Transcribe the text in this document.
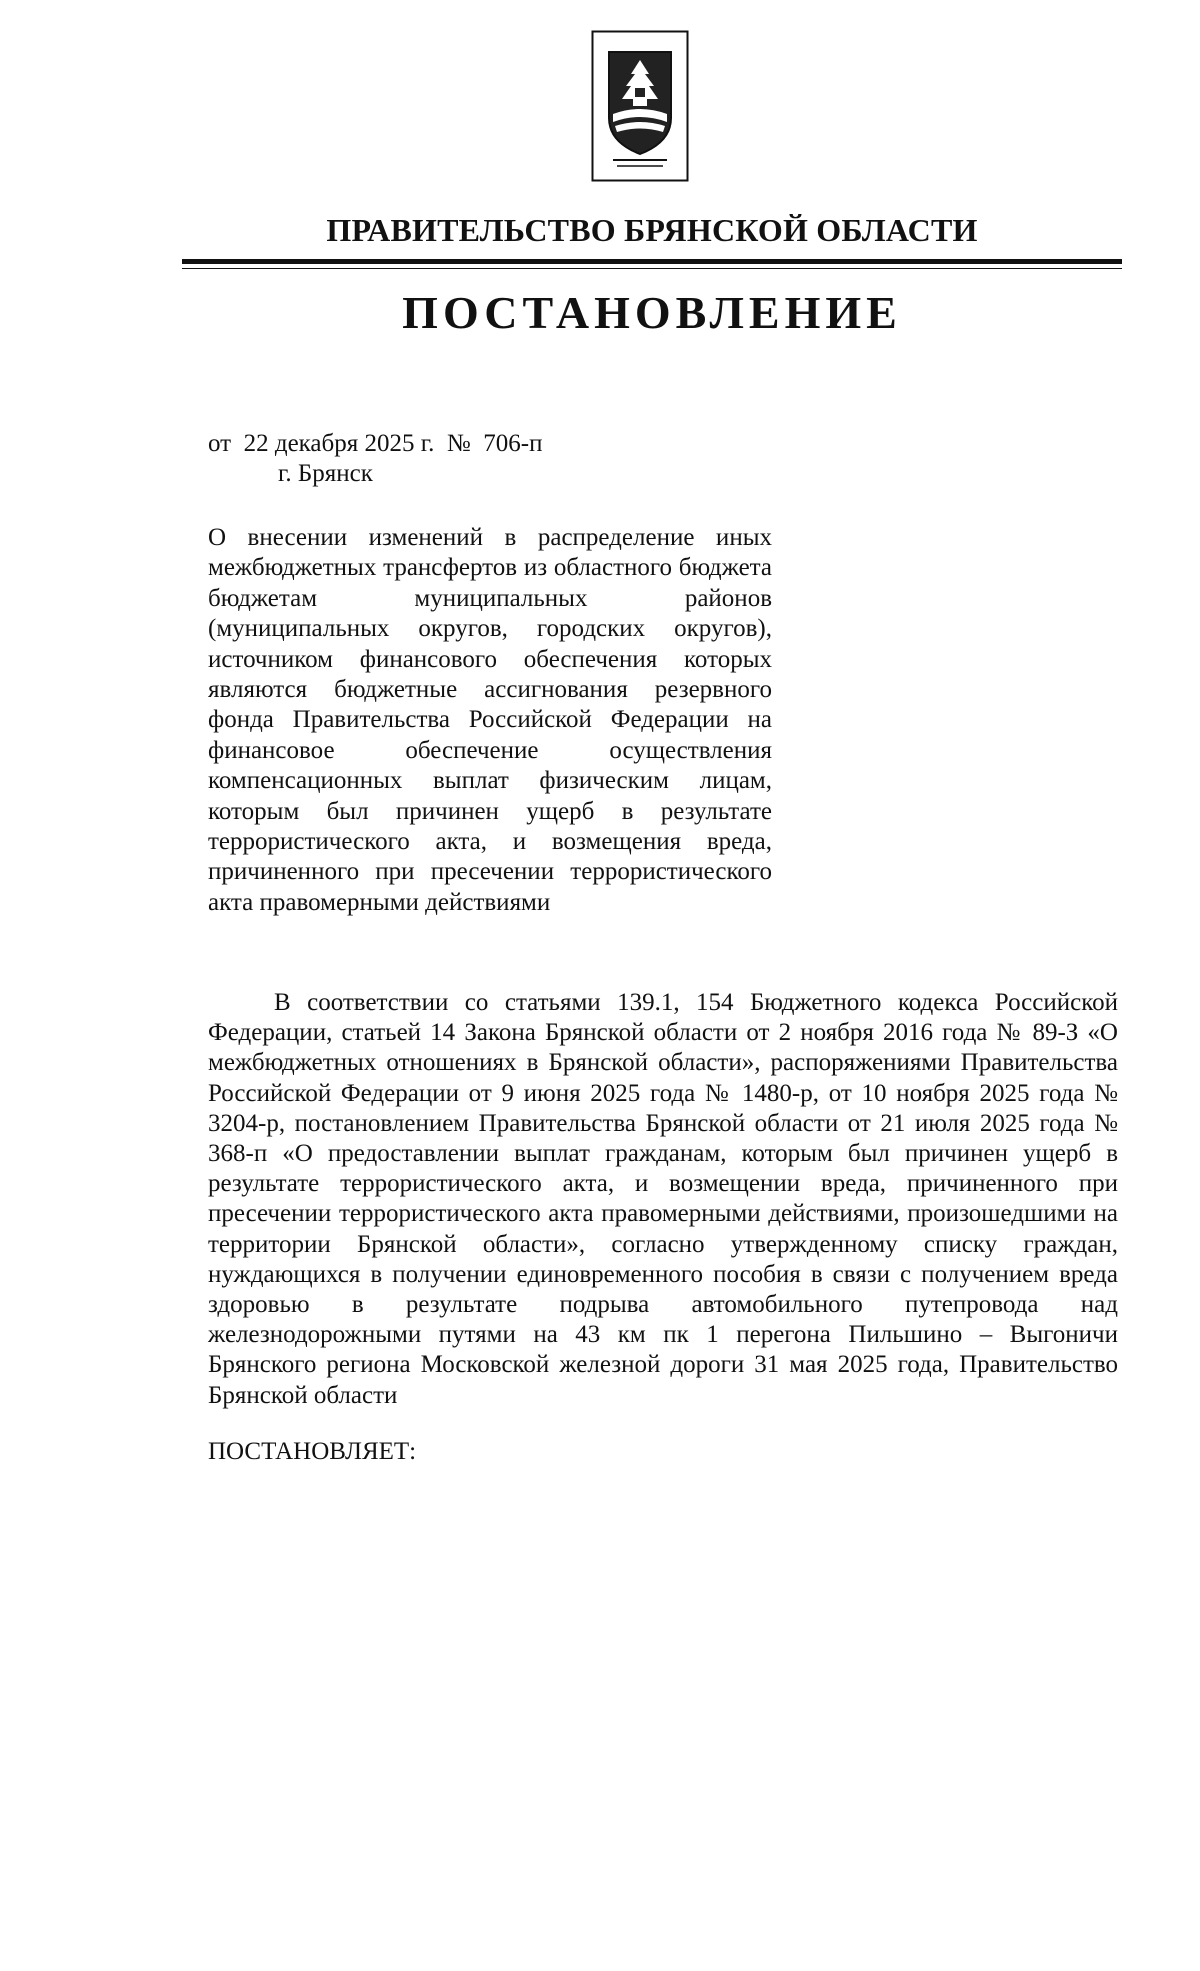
ПРАВИТЕЛЬСТВО БРЯНСКОЙ ОБЛАСТИ
ПОСТАНОВЛЕНИЕ
от  22 декабря 2025 г.  №  706-п
г. Брянск

О внесении изменений в распределение иных межбюджетных трансфертов из областного бюджета бюджетам муниципальных районов (муниципальных округов, городских округов), источником финансового обеспечения которых являются бюджетные ассигнования резервного фонда Правительства Российской Федерации на финансовое обеспечение осуществления компенсационных выплат физическим лицам, которым был причинен ущерб в результате террористического акта, и возмещения вреда, причиненного при пресечении террористического акта правомерными действиями

В соответствии со статьями 139.1, 154 Бюджетного кодекса Российской Федерации, статьей 14 Закона Брянской области от 2 ноября 2016 года № 89-З «О межбюджетных отношениях в Брянской области», распоряжениями Правительства Российской Федерации от 9 июня 2025 года № 1480-р, от 10 ноября 2025 года № 3204-р, постановлением Правительства Брянской области от 21 июля 2025 года № 368-п «О предоставлении выплат гражданам, которым был причинен ущерб в результате террористического акта, и возмещении вреда, причиненного при пресечении террористического акта правомерными действиями, произошедшими на территории Брянской области», согласно утвержденному списку граждан, нуждающихся в получении единовременного пособия в связи с получением вреда здоровью в результате подрыва автомобильного путепровода над железнодорожными путями на 43 км пк 1 перегона Пильшино – Выгоничи Брянского региона Московской железной дороги 31 мая 2025 года, Правительство Брянской области

ПОСТАНОВЛЯЕТ:
